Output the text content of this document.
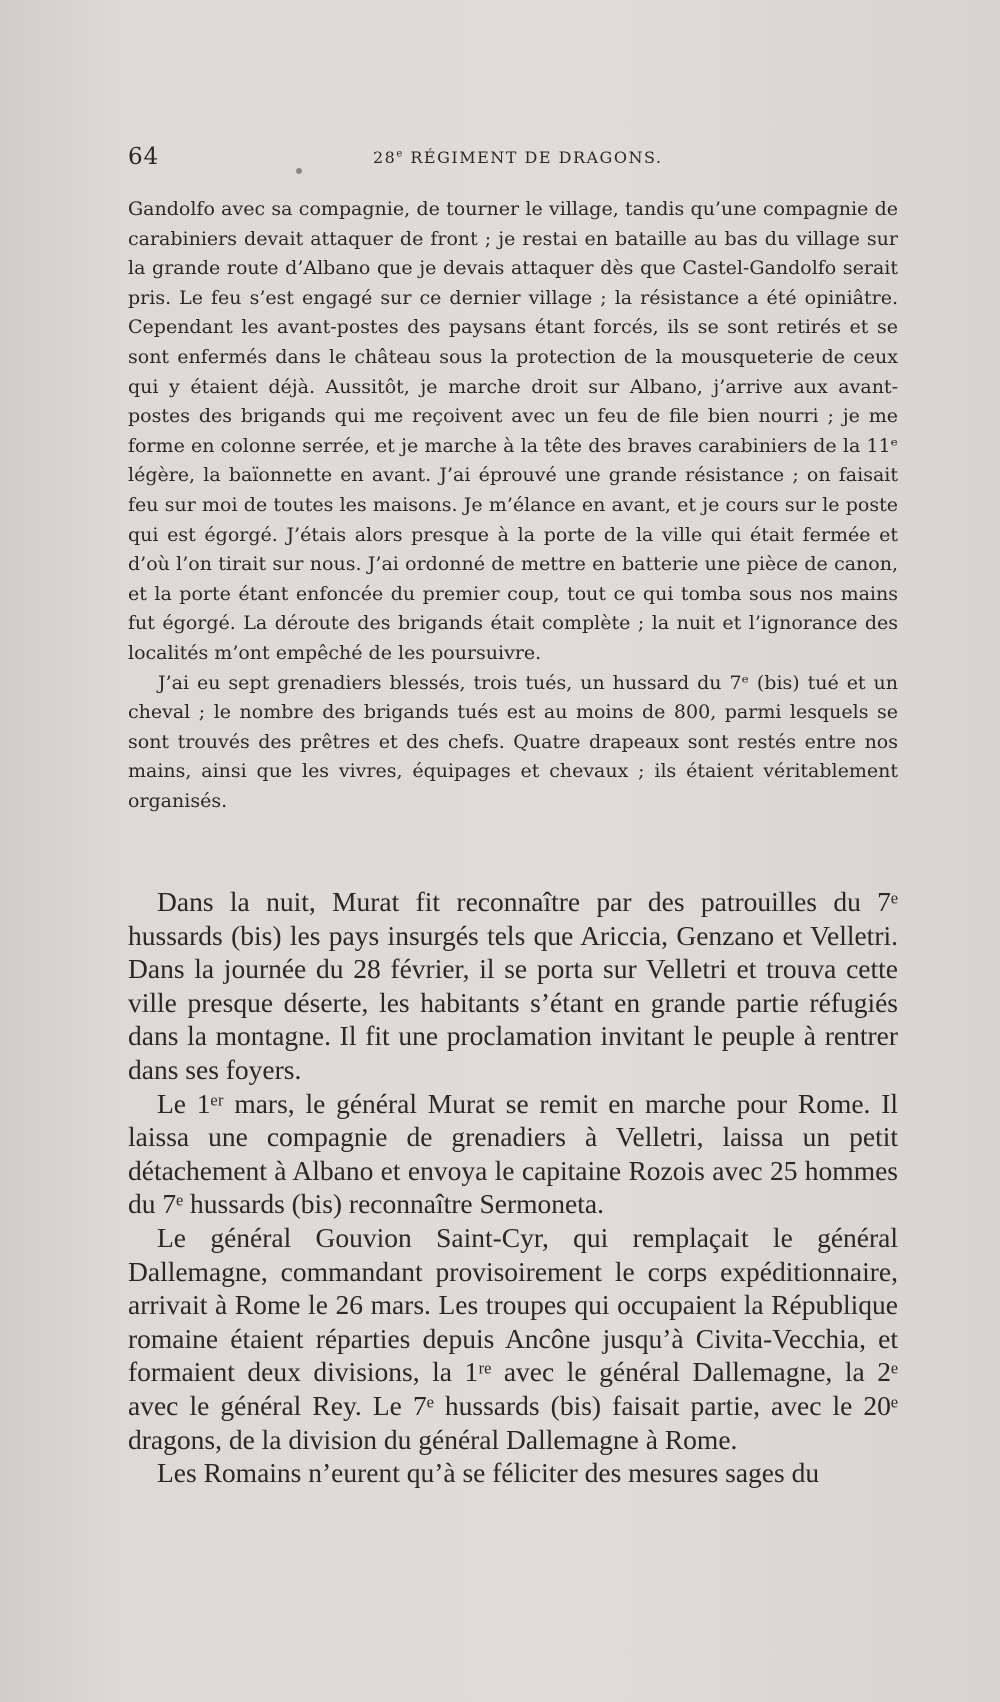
64	28e RÉGIMENT DE DRAGONS.

Gandolfo avec sa compagnie, de tourner le village, tandis qu’une compagnie de carabiniers devait attaquer de front ; je restai en bataille au bas du village sur la grande route d’Albano que je devais attaquer dès que Castel-Gandolfo serait pris. Le feu s’est engagé sur ce dernier village ; la résistance a été opiniâtre. Cependant les avant-postes des paysans étant forcés, ils se sont retirés et se sont enfermés dans le château sous la protection de la mousqueterie de ceux qui y étaient déjà. Aussitôt, je marche droit sur Albano, j’arrive aux avant-postes des brigands qui me reçoivent avec un feu de file bien nourri ; je me forme en colonne serrée, et je marche à la tête des braves carabiniers de la 11ᵉ légère, la baïonnette en avant. J’ai éprouvé une grande résistance ; on faisait feu sur moi de toutes les maisons. Je m’élance en avant, et je cours sur le poste qui est égorgé. J’étais alors presque à la porte de la ville qui était fermée et d’où l’on tirait sur nous. J’ai ordonné de mettre en batterie une pièce de canon, et la porte étant enfoncée du premier coup, tout ce qui tomba sous nos mains fut égorgé. La déroute des brigands était complète ; la nuit et l’ignorance des localités m’ont empêché de les poursuivre.

J’ai eu sept grenadiers blessés, trois tués, un hussard du 7ᵉ (bis) tué et un cheval ; le nombre des brigands tués est au moins de 800, parmi lesquels se sont trouvés des prêtres et des chefs. Quatre drapeaux sont restés entre nos mains, ainsi que les vivres, équipages et chevaux ; ils étaient véritablement organisés.

Dans la nuit, Murat fit reconnaître par des patrouilles du 7ᵉ hussards (bis) les pays insurgés tels que Ariccia, Genzano et Velletri. Dans la journée du 28 février, il se porta sur Velletri et trouva cette ville presque déserte, les habitants s’étant en grande partie réfugiés dans la montagne. Il fit une proclamation invitant le peuple à rentrer dans ses foyers.

Le 1ᵉʳ mars, le général Murat se remit en marche pour Rome. Il laissa une compagnie de grenadiers à Velletri, laissa un petit détachement à Albano et envoya le capitaine Rozois avec 25 hommes du 7ᵉ hussards (bis) reconnaître Sermoneta.

Le général Gouvion Saint-Cyr, qui remplaçait le général Dallemagne, commandant provisoirement le corps expéditionnaire, arrivait à Rome le 26 mars. Les troupes qui occupaient la République romaine étaient réparties depuis Ancône jusqu’à Civita-Vecchia, et formaient deux divisions, la 1ʳᵉ avec le général Dallemagne, la 2ᵉ avec le général Rey. Le 7ᵉ hussards (bis) faisait partie, avec le 20ᵉ dragons, de la division du général Dallemagne à Rome.

Les Romains n’eurent qu’à se féliciter des mesures sages du
